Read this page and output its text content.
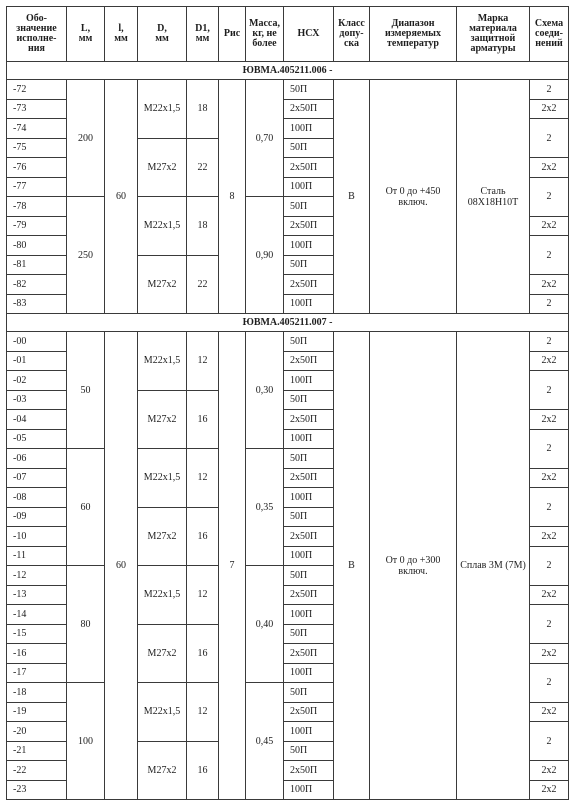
Обо-
значение
исполне-
ния	L,
мм	l,
мм	D,
мм	D1,
мм	Рис	Масса,
кг, не
более	НСХ	Класс
допу-
ска	Диапазон
измеряемых
температур	Марка
материала
защитной
арматуры	Схема
соеди-
нений
ЮВМА.405211.006 -											
-72	200	60	M22x1,5	18	8	0,70	50П	B	От 0 до +450 включ.	Сталь 08Х18Н10Т	2
-73							2x50П				2x2
-74							100П				2
-75			M27x2	22			50П				
-76							2x50П				2x2
-77							100П				2
-78	250		M22x1,5	18		0,90	50П				
-79							2x50П				2x2
-80							100П				2
-81			M27x2	22			50П				
-82							2x50П				2x2
-83							100П				2
ЮВМА.405211.007 -											
-00	50	60	M22x1,5	12	7	0,30	50П	B	От 0 до +300 включ.	Сплав 3М (7М)	2
-01							2x50П				2x2
-02							100П				2
-03			M27x2	16			50П				
-04							2x50П				2x2
-05							100П				2
-06	60		M22x1,5	12		0,35	50П				
-07							2x50П				2x2
-08							100П				2
-09			M27x2	16			50П				
-10							2x50П				2x2
-11							100П				2
-12	80		M22x1,5	12		0,40	50П				
-13							2x50П				2x2
-14							100П				2
-15			M27x2	16			50П				
-16							2x50П				2x2
-17							100П				2
-18	100		M22x1,5	12		0,45	50П				
-19							2x50П				2x2
-20							100П				2
-21			M27x2	16			50П				
-22							2x50П				2x2
-23							100П				2x2
